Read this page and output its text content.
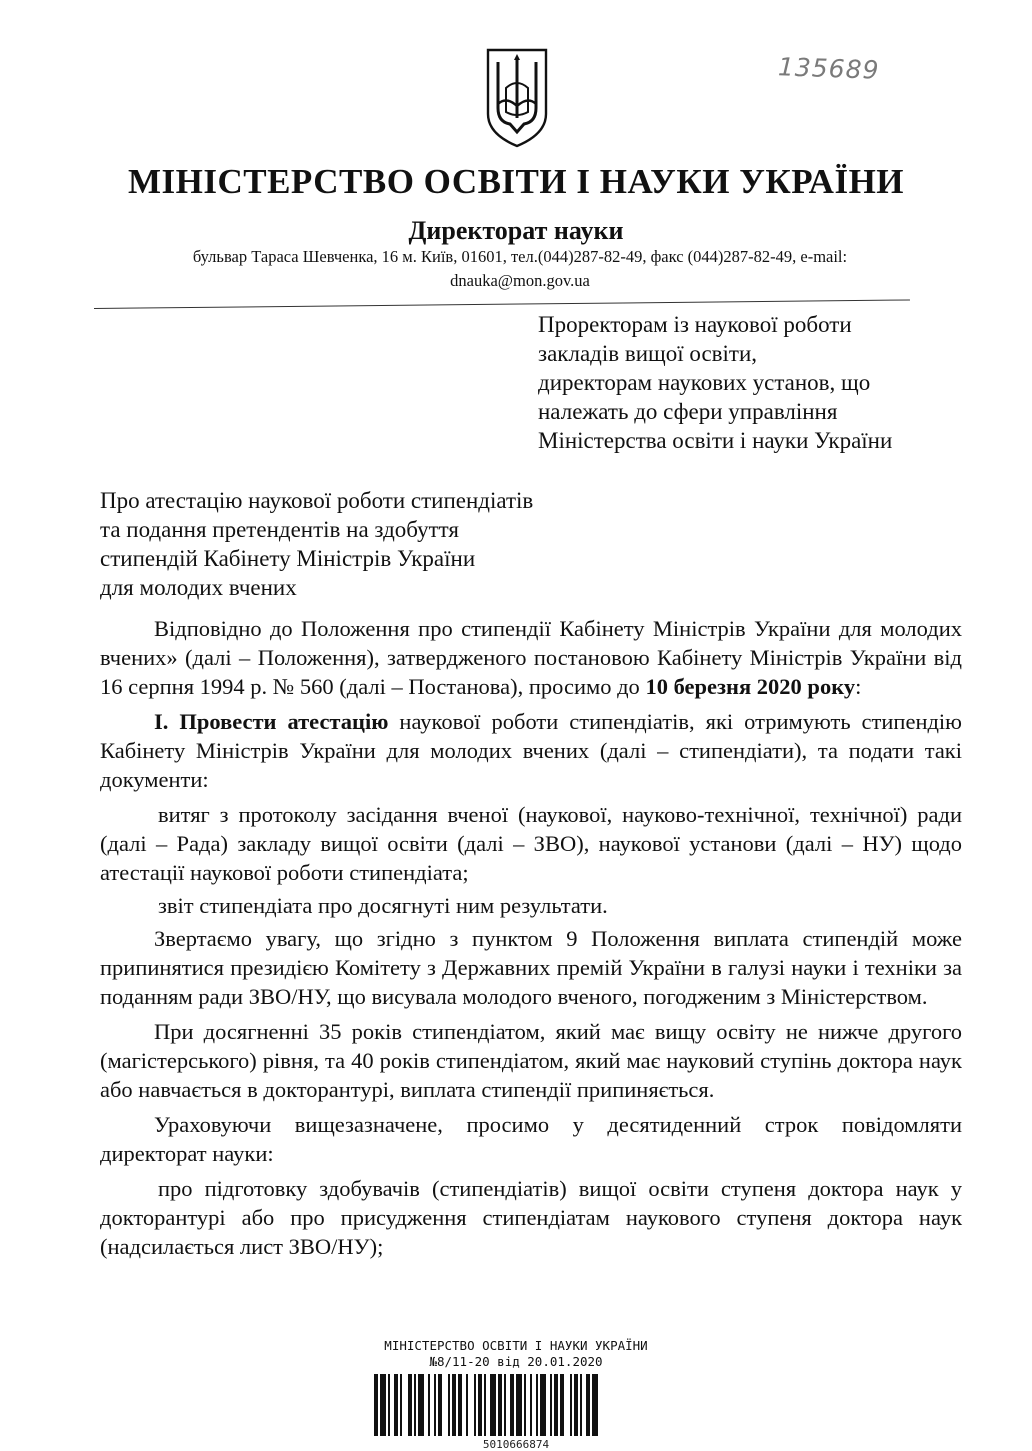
135689
МІНІСТЕРСТВО ОСВІТИ І НАУКИ УКРАЇНИ
Директорат науки
бульвар Тараса Шевченка, 16 м. Київ, 01601, тел.(044)287-82-49, факс (044)287-82-49, e-mail:
dnauka@mon.gov.ua
Проректорам із наукової роботи
закладів вищої освіти,
директорам наукових установ, що
належать до сфери управління
Міністерства освіти і науки України
Про атестацію наукової роботи стипендіатів
та подання претендентів на здобуття
стипендій Кабінету Міністрів України
для молодих вчених

Відповідно до Положення про стипендії Кабінету Міністрів України для молодих вчених» (далі – Положення), затвердженого постановою Кабінету Міністрів України від 16 серпня 1994 р. № 560 (далі – Постанова), просимо до 10 березня 2020 року:

І. Провести атестацію наукової роботи стипендіатів, які отримують стипендію Кабінету Міністрів України для молодих вчених (далі – стипендіати), та подати такі документи:

витяг з протоколу засідання вченої (наукової, науково-технічної, технічної) ради (далі – Рада) закладу вищої освіти (далі – ЗВО), наукової установи (далі – НУ) щодо атестації наукової роботи стипендіата;

звіт стипендіата про досягнуті ним результати.

Звертаємо увагу, що згідно з пунктом 9 Положення виплата стипендій може припинятися президією Комітету з Державних премій України в галузі науки і техніки за поданням ради ЗВО/НУ, що висувала молодого вченого, погодженим з Міністерством.

При досягненні 35 років стипендіатом, який має вищу освіту не нижче другого (магістерського) рівня, та 40 років стипендіатом, який має науковий ступінь доктора наук або навчається в докторантурі, виплата стипендії припиняється.

Ураховуючи вищезазначене, просимо у десятиденний строк повідомляти директорат науки:

про підготовку здобувачів (стипендіатів) вищої освіти ступеня доктора наук у докторантурі або про присудження стипендіатам наукового ступеня доктора наук (надсилається лист ЗВО/НУ);

МІНІСТЕРСТВО ОСВІТИ І НАУКИ УКРАЇНИ
№8/11-20 від 20.01.2020
5010666874
